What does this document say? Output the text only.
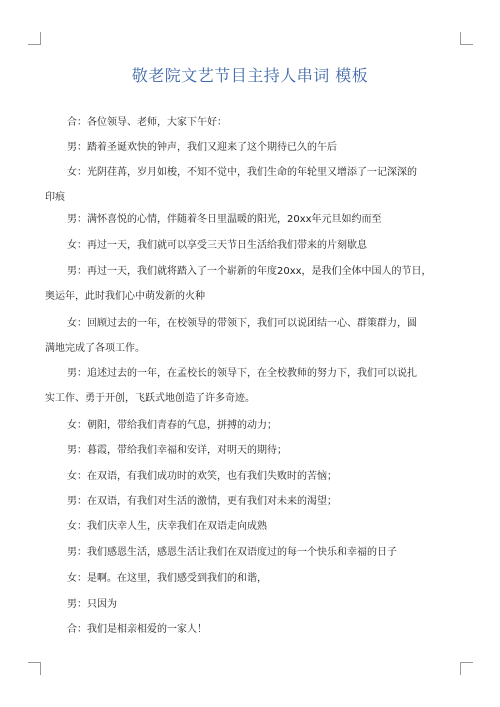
敬老院文艺节目主持人串词 模板
合：各位领导、老师，大家下午好：
男：踏着圣诞欢快的钟声，我们又迎来了这个期待已久的午后
女：光阴荏苒，岁月如梭，不知不觉中，我们生命的年轮里又增添了一记深深的
印痕
男：满怀喜悦的心情，伴随着冬日里温暖的阳光，20xx年元旦如约而至
女：再过一天，我们就可以享受三天节日生活给我们带来的片刻歇息
男：再过一天，我们就将踏入了一个崭新的年度20xx，是我们全体中国人的节日，
奥运年，此时我们心中萌发新的火种
女：回顾过去的一年，在校领导的带领下，我们可以说团结一心、群策群力，圆
满地完成了各项工作。
男：追述过去的一年，在孟校长的领导下，在全校教师的努力下，我们可以说扎
实工作、勇于开创，飞跃式地创造了许多奇迹。
女：朝阳，带给我们青春的气息，拼搏的动力；
男：暮霞，带给我们幸福和安详，对明天的期待；
女：在双语，有我们成功时的欢笑，也有我们失败时的苦恼；
男：在双语，有我们对生活的激情，更有我们对未来的渴望；
女：我们庆幸人生，庆幸我们在双语走向成熟
男：我们感恩生活，感恩生活让我们在双语度过的每一个快乐和幸福的日子
女：是啊。在这里，我们感受到我们的和谐，
男：只因为
合：我们是相亲相爱的一家人！
